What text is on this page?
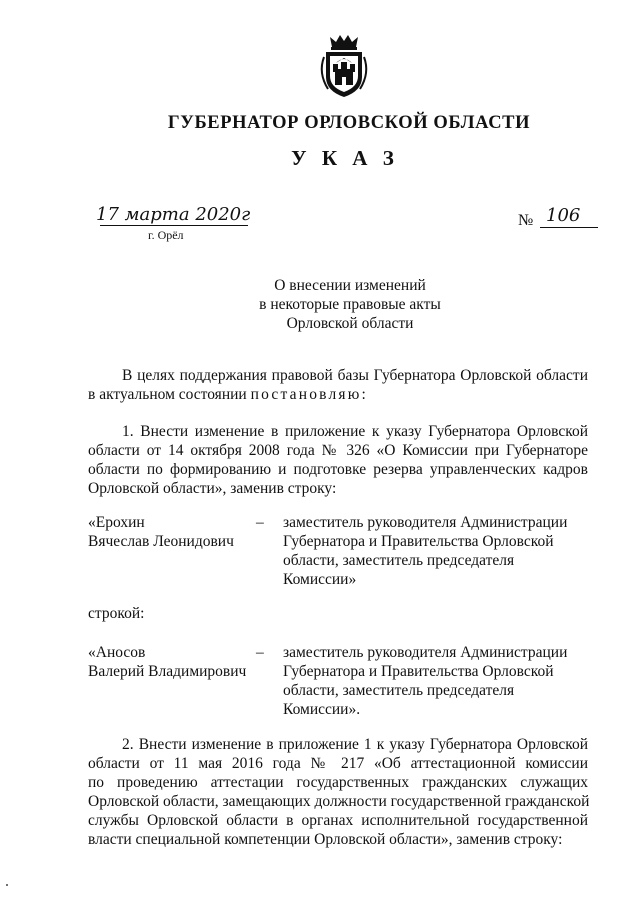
ГУБЕРНАТОР ОРЛОВСКОЙ ОБЛАСТИ
У К А З
17 марта 2020г
г. Орёл
№ 106
О внесении изменений
в некоторые правовые акты
Орловской области
В целях поддержания правовой базы Губернатора Орловской области
в актуальном состоянии постановляю:
1. Внести изменение в приложение к указу Губернатора Орловской
области от 14 октября 2008 года № 326 «О Комиссии при Губернаторе
области по формированию и подготовке резерва управленческих кадров
Орловской области», заменив строку:
«Ерохин
Вячеслав Леонидович
– заместитель руководителя Администрации
Губернатора и Правительства Орловской
области, заместитель председателя
Комиссии»
строкой:
«Аносов
Валерий Владимирович
– заместитель руководителя Администрации
Губернатора и Правительства Орловской
области, заместитель председателя
Комиссии».
2. Внести изменение в приложение 1 к указу Губернатора Орловской
области от 11 мая 2016 года № 217 «Об аттестационной комиссии
по проведению аттестации государственных гражданских служащих
Орловской области, замещающих должности государственной гражданской
службы Орловской области в органах исполнительной государственной
власти специальной компетенции Орловской области», заменив строку:
